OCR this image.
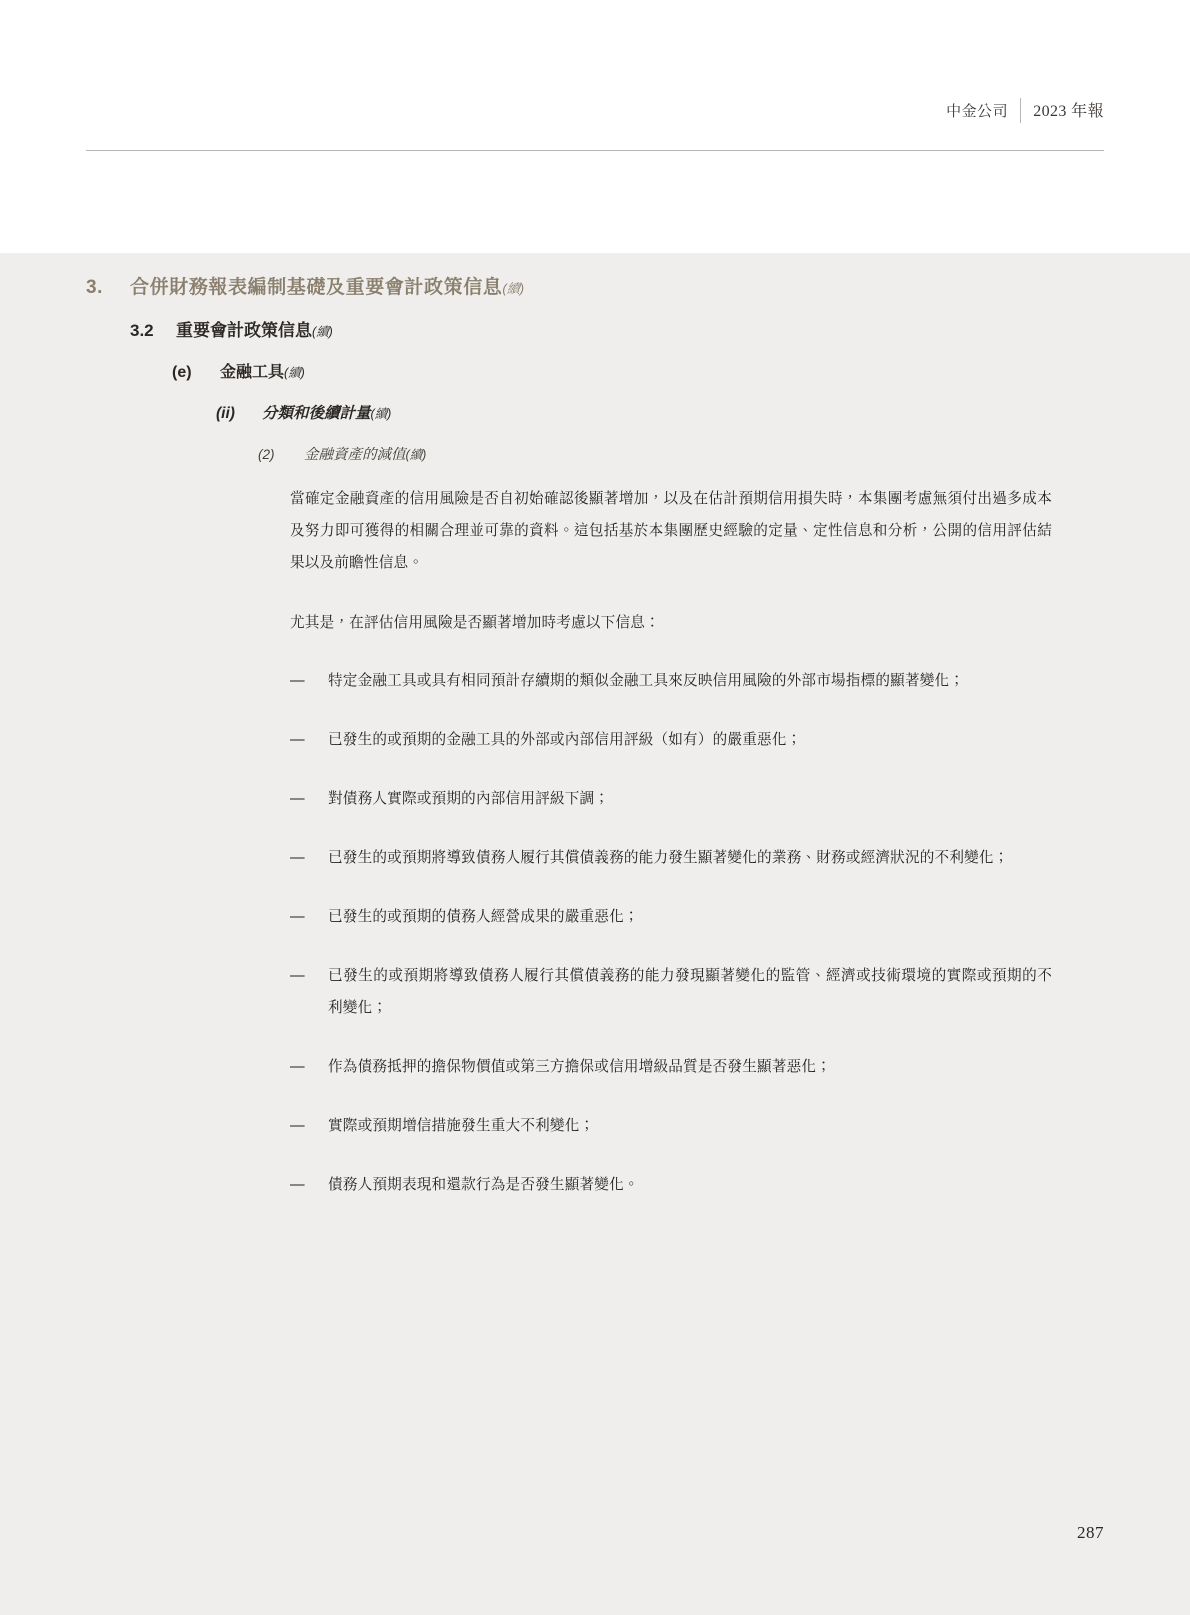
中金公司	2023 年報
3.	合併財務報表編制基礎及重要會計政策信息 (續)
3.2	重要會計政策信息 (續)
(e)	金融工具 (續)
(ii)	分類和後續計量 (續)
(2)	金融資產的減值 (續)

當確定金融資產的信用風險是否自初始確認後顯著增加，以及在估計預期信用損失時，本集團考慮無須付出過多成本及努力即可獲得的相關合理並可靠的資料。這包括基於本集團歷史經驗的定量、定性信息和分析，公開的信用評估結果以及前瞻性信息。

尤其是，在評估信用風險是否顯著增加時考慮以下信息：

—	特定金融工具或具有相同預計存續期的類似金融工具來反映信用風險的外部市場指標的顯著變化；
—	已發生的或預期的金融工具的外部或內部信用評級（如有）的嚴重惡化；
—	對債務人實際或預期的內部信用評級下調；
—	已發生的或預期將導致債務人履行其償債義務的能力發生顯著變化的業務、財務或經濟狀況的不利變化；
—	已發生的或預期的債務人經營成果的嚴重惡化；
—	已發生的或預期將導致債務人履行其償債義務的能力發現顯著變化的監管、經濟或技術環境的實際或預期的不利變化；
—	作為債務抵押的擔保物價值或第三方擔保或信用增級品質是否發生顯著惡化；
—	實際或預期增信措施發生重大不利變化；
—	債務人預期表現和還款行為是否發生顯著變化。
287
